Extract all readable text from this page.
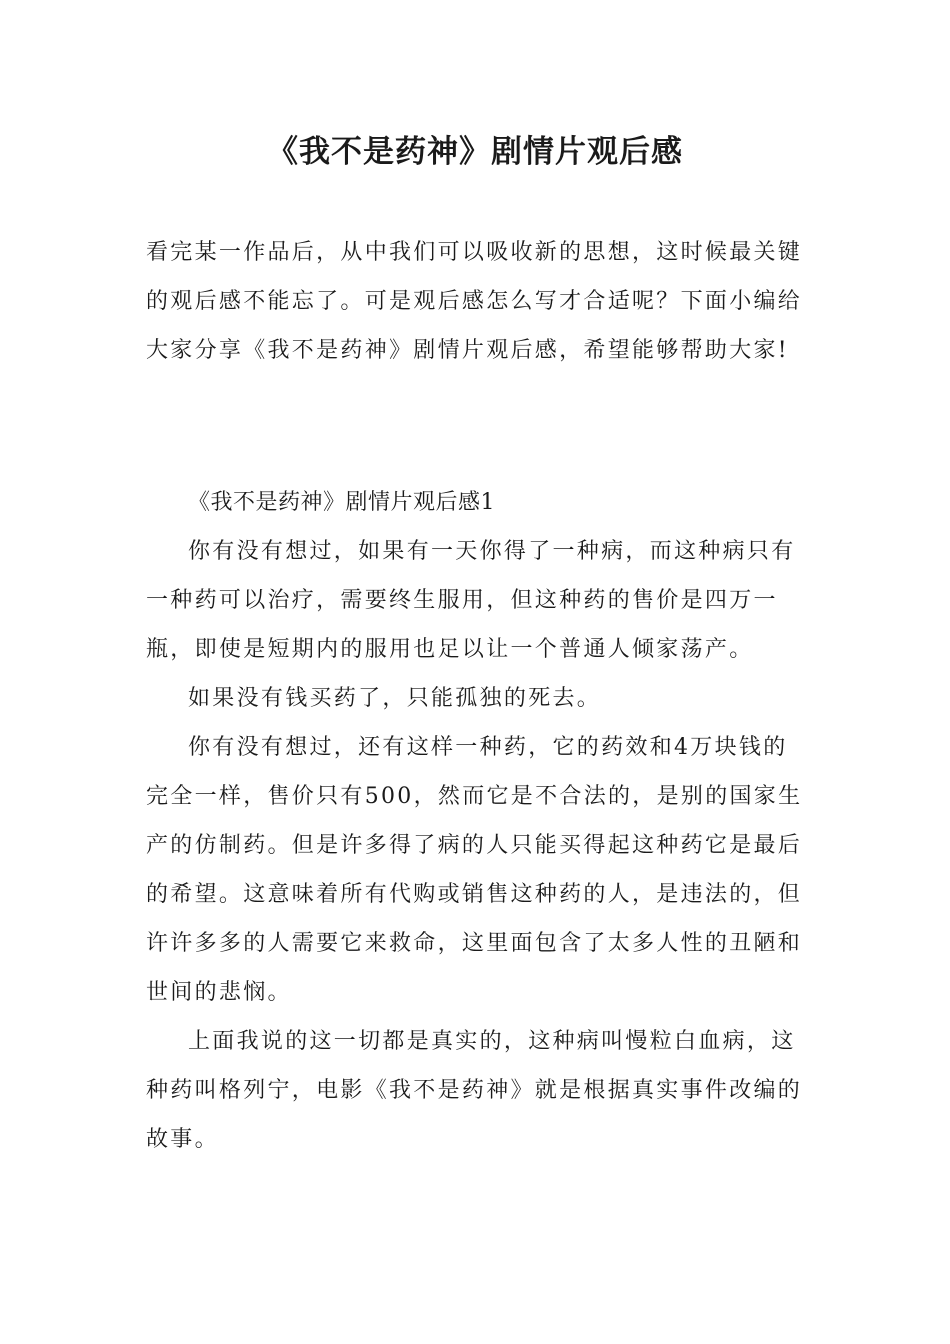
《我不是药神》剧情片观后感

看完某一作品后，从中我们可以吸收新的思想，这时候最关键的观后感不能忘了。可是观后感怎么写才合适呢？下面小编给大家分享《我不是药神》剧情片观后感，希望能够帮助大家!

《我不是药神》剧情片观后感1

你有没有想过，如果有一天你得了一种病，而这种病只有一种药可以治疗，需要终生服用，但这种药的售价是四万一瓶，即使是短期内的服用也足以让一个普通人倾家荡产。

如果没有钱买药了，只能孤独的死去。

你有没有想过，还有这样一种药，它的药效和4万块钱的完全一样，售价只有500，然而它是不合法的，是别的国家生产的仿制药。但是许多得了病的人只能买得起这种药它是最后的希望。这意味着所有代购或销售这种药的人，是违法的，但许许多多的人需要它来救命，这里面包含了太多人性的丑陋和世间的悲悯。

上面我说的这一切都是真实的，这种病叫慢粒白血病，这种药叫格列宁，电影《我不是药神》就是根据真实事件改编的故事。
